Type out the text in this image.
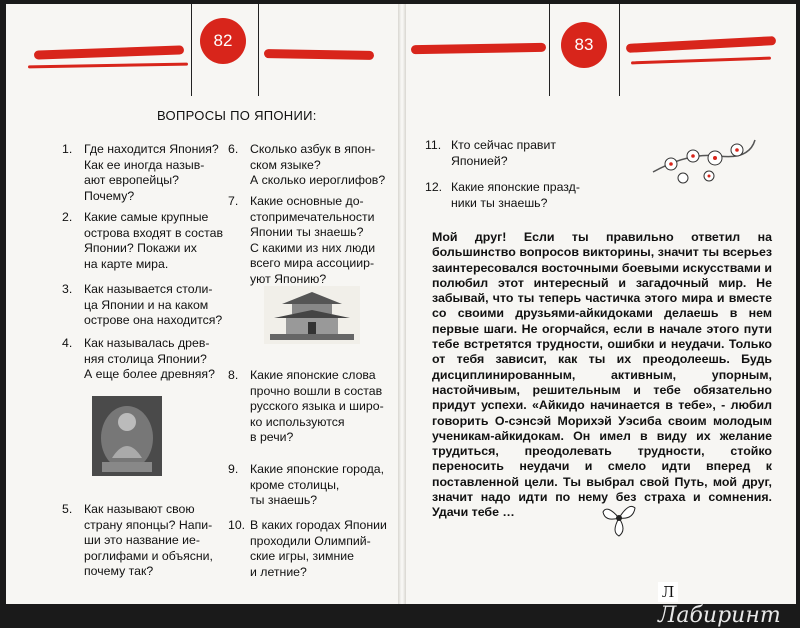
82
ВОПРОСЫ ПО ЯПОНИИ:
1. Где находится Япония?
Как ее иногда назыв-
ают европейцы?
Почему?
2. Какие самые крупные
острова входят в состав
Японии? Покажи их
на карте мира.
3. Как называется столи-
ца Японии и на каком
острове она находится?
4. Как называлась древ-
няя столица Японии?
А еще более древняя?
5. Как называют свою
страну японцы? Напи-
ши это название ие-
роглифами и объясни,
почему так?
6. Сколько азбук в япон-
ском языке?
А сколько иероглифов?
7. Какие основные до-
стопримечательности
Японии ты знаешь?
С какими из них люди
всего мира ассоциир-
уют Японию?
8. Какие японские слова
прочно вошли в состав
русского языка и широ-
ко используются
в речи?
9. Какие японские города,
кроме столицы,
ты знаешь?
10. В каких городах Японии
проходили Олимпий-
ские игры, зимние
и летние?
83
11. Кто сейчас правит
Японией?
12. Какие японские празд-
ники ты знаешь?
Мой друг! Если ты правильно ответил на большинство вопросов викторины, значит ты всерьез заинтересовался восточными боевыми искусствами и полюбил этот интересный и загадочный мир. Не забывай, что ты теперь частичка этого мира и вместе со своими друзьями-айкидоками делаешь в нем первые шаги. Не огорчайся, если в начале этого пути тебе встретятся трудности, ошибки и неудачи. Только от тебя зависит, как ты их преодолеешь. Будь дисциплинированным, активным, упорным, настойчивым, решительным и тебе обязательно придут успехи. «Айкидо начинается в тебе», - любил говорить О-сэнсэй Морихэй Уэсиба своим молодым ученикам-айкидокам. Он имел в виду их желание трудиться, преодолевать трудности, стойко переносить неудачи и смело идти вперед к поставленной цели. Ты выбрал свой Путь, мой друг, значит надо идти по нему без страха и сомнения. Удачи тебе …
ЛЛабиринт
